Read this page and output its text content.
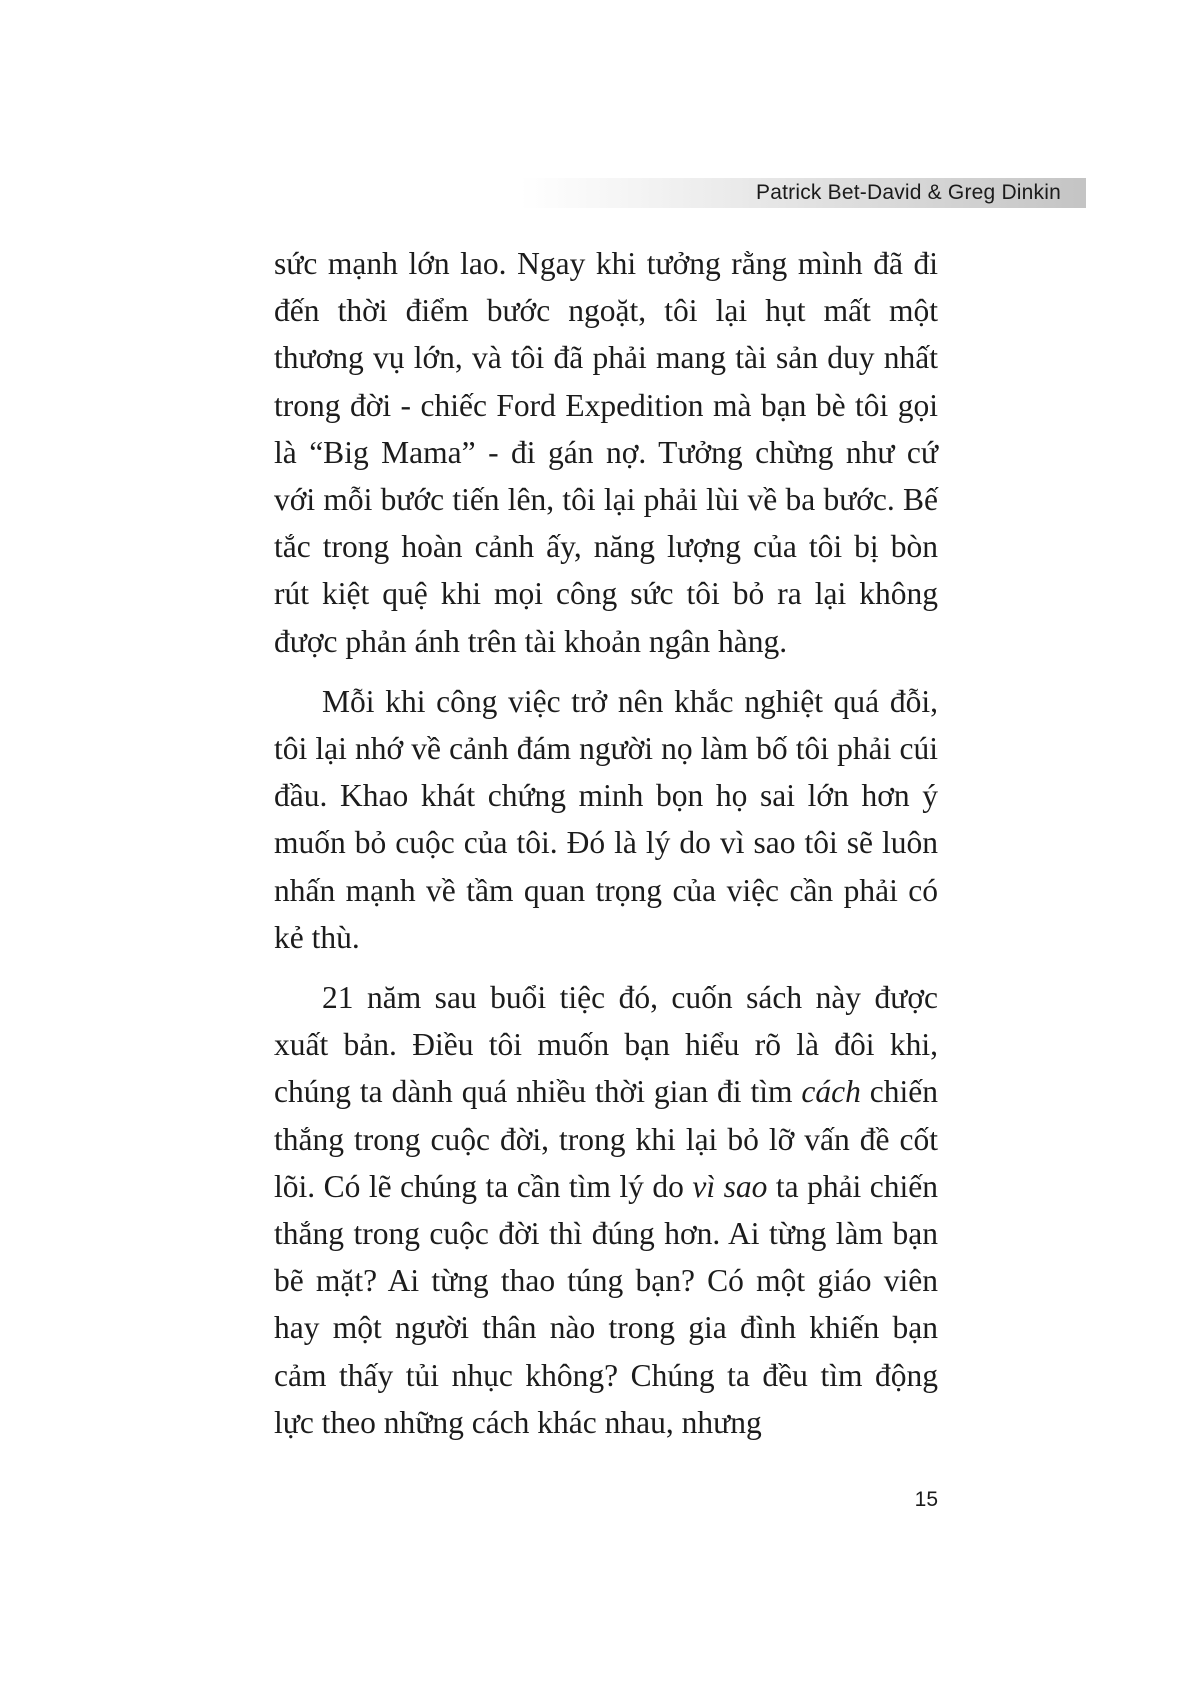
Patrick Bet-David & Greg Dinkin

sức mạnh lớn lao. Ngay khi tưởng rằng mình đã đi đến thời điểm bước ngoặt, tôi lại hụt mất một thương vụ lớn, và tôi đã phải mang tài sản duy nhất trong đời - chiếc Ford Expedition mà bạn bè tôi gọi là “Big Mama” - đi gán nợ. Tưởng chừng như cứ với mỗi bước tiến lên, tôi lại phải lùi về ba bước. Bế tắc trong hoàn cảnh ấy, năng lượng của tôi bị bòn rút kiệt quệ khi mọi công sức tôi bỏ ra lại không được phản ánh trên tài khoản ngân hàng.

Mỗi khi công việc trở nên khắc nghiệt quá đỗi, tôi lại nhớ về cảnh đám người nọ làm bố tôi phải cúi đầu. Khao khát chứng minh bọn họ sai lớn hơn ý muốn bỏ cuộc của tôi. Đó là lý do vì sao tôi sẽ luôn nhấn mạnh về tầm quan trọng của việc cần phải có kẻ thù.

21 năm sau buổi tiệc đó, cuốn sách này được xuất bản. Điều tôi muốn bạn hiểu rõ là đôi khi, chúng ta dành quá nhiều thời gian đi tìm cách chiến thắng trong cuộc đời, trong khi lại bỏ lỡ vấn đề cốt lõi. Có lẽ chúng ta cần tìm lý do vì sao ta phải chiến thắng trong cuộc đời thì đúng hơn. Ai từng làm bạn bẽ mặt? Ai từng thao túng bạn? Có một giáo viên hay một người thân nào trong gia đình khiến bạn cảm thấy tủi nhục không? Chúng ta đều tìm động lực theo những cách khác nhau, nhưng

15
